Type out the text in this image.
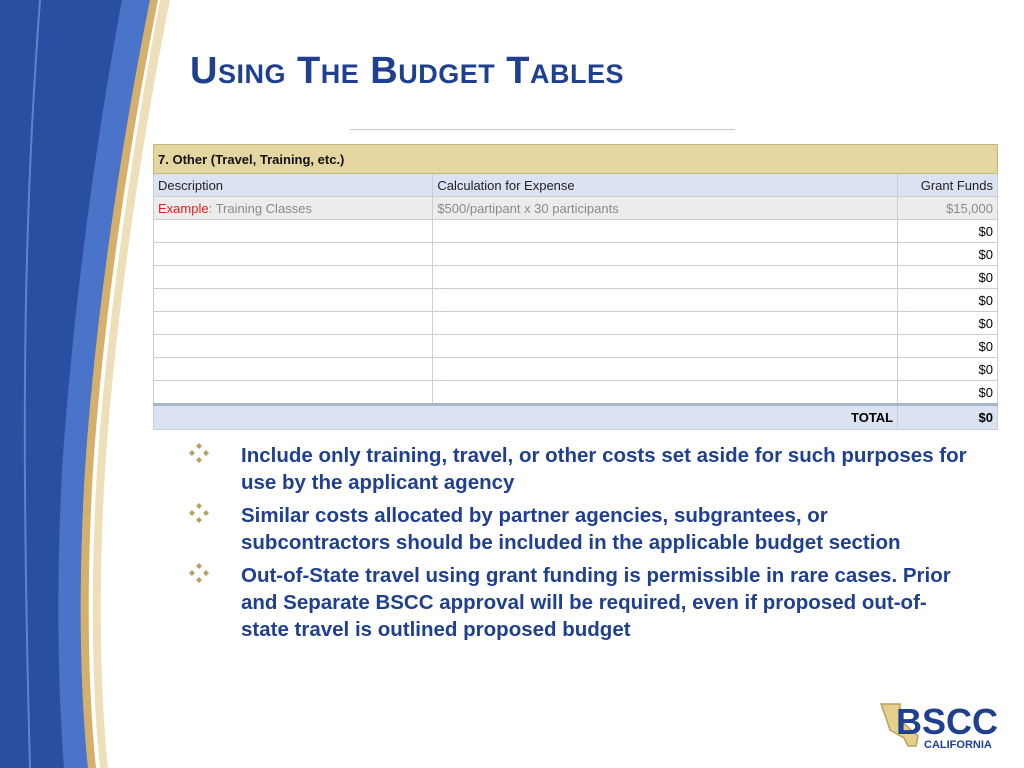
Using The Budget Tables
7. Other (Travel, Training, etc.)		
Description	Calculation for Expense	Grant Funds
Example: Training Classes	$500/partipant x 30 participants	$15,000
		$0
		$0
		$0
		$0
		$0
		$0
		$0
		$0
TOTAL		$0
Include only training, travel, or other costs set aside for such purposes for use by the applicant agency
Similar costs allocated by partner agencies, subgrantees, or subcontractors should be included in the applicable budget section
Out-of-State travel using grant funding is permissible in rare cases. Prior and Separate BSCC approval will be required, even if proposed out-of-state travel is outlined proposed budget
BSCC
CALIFORNIA
